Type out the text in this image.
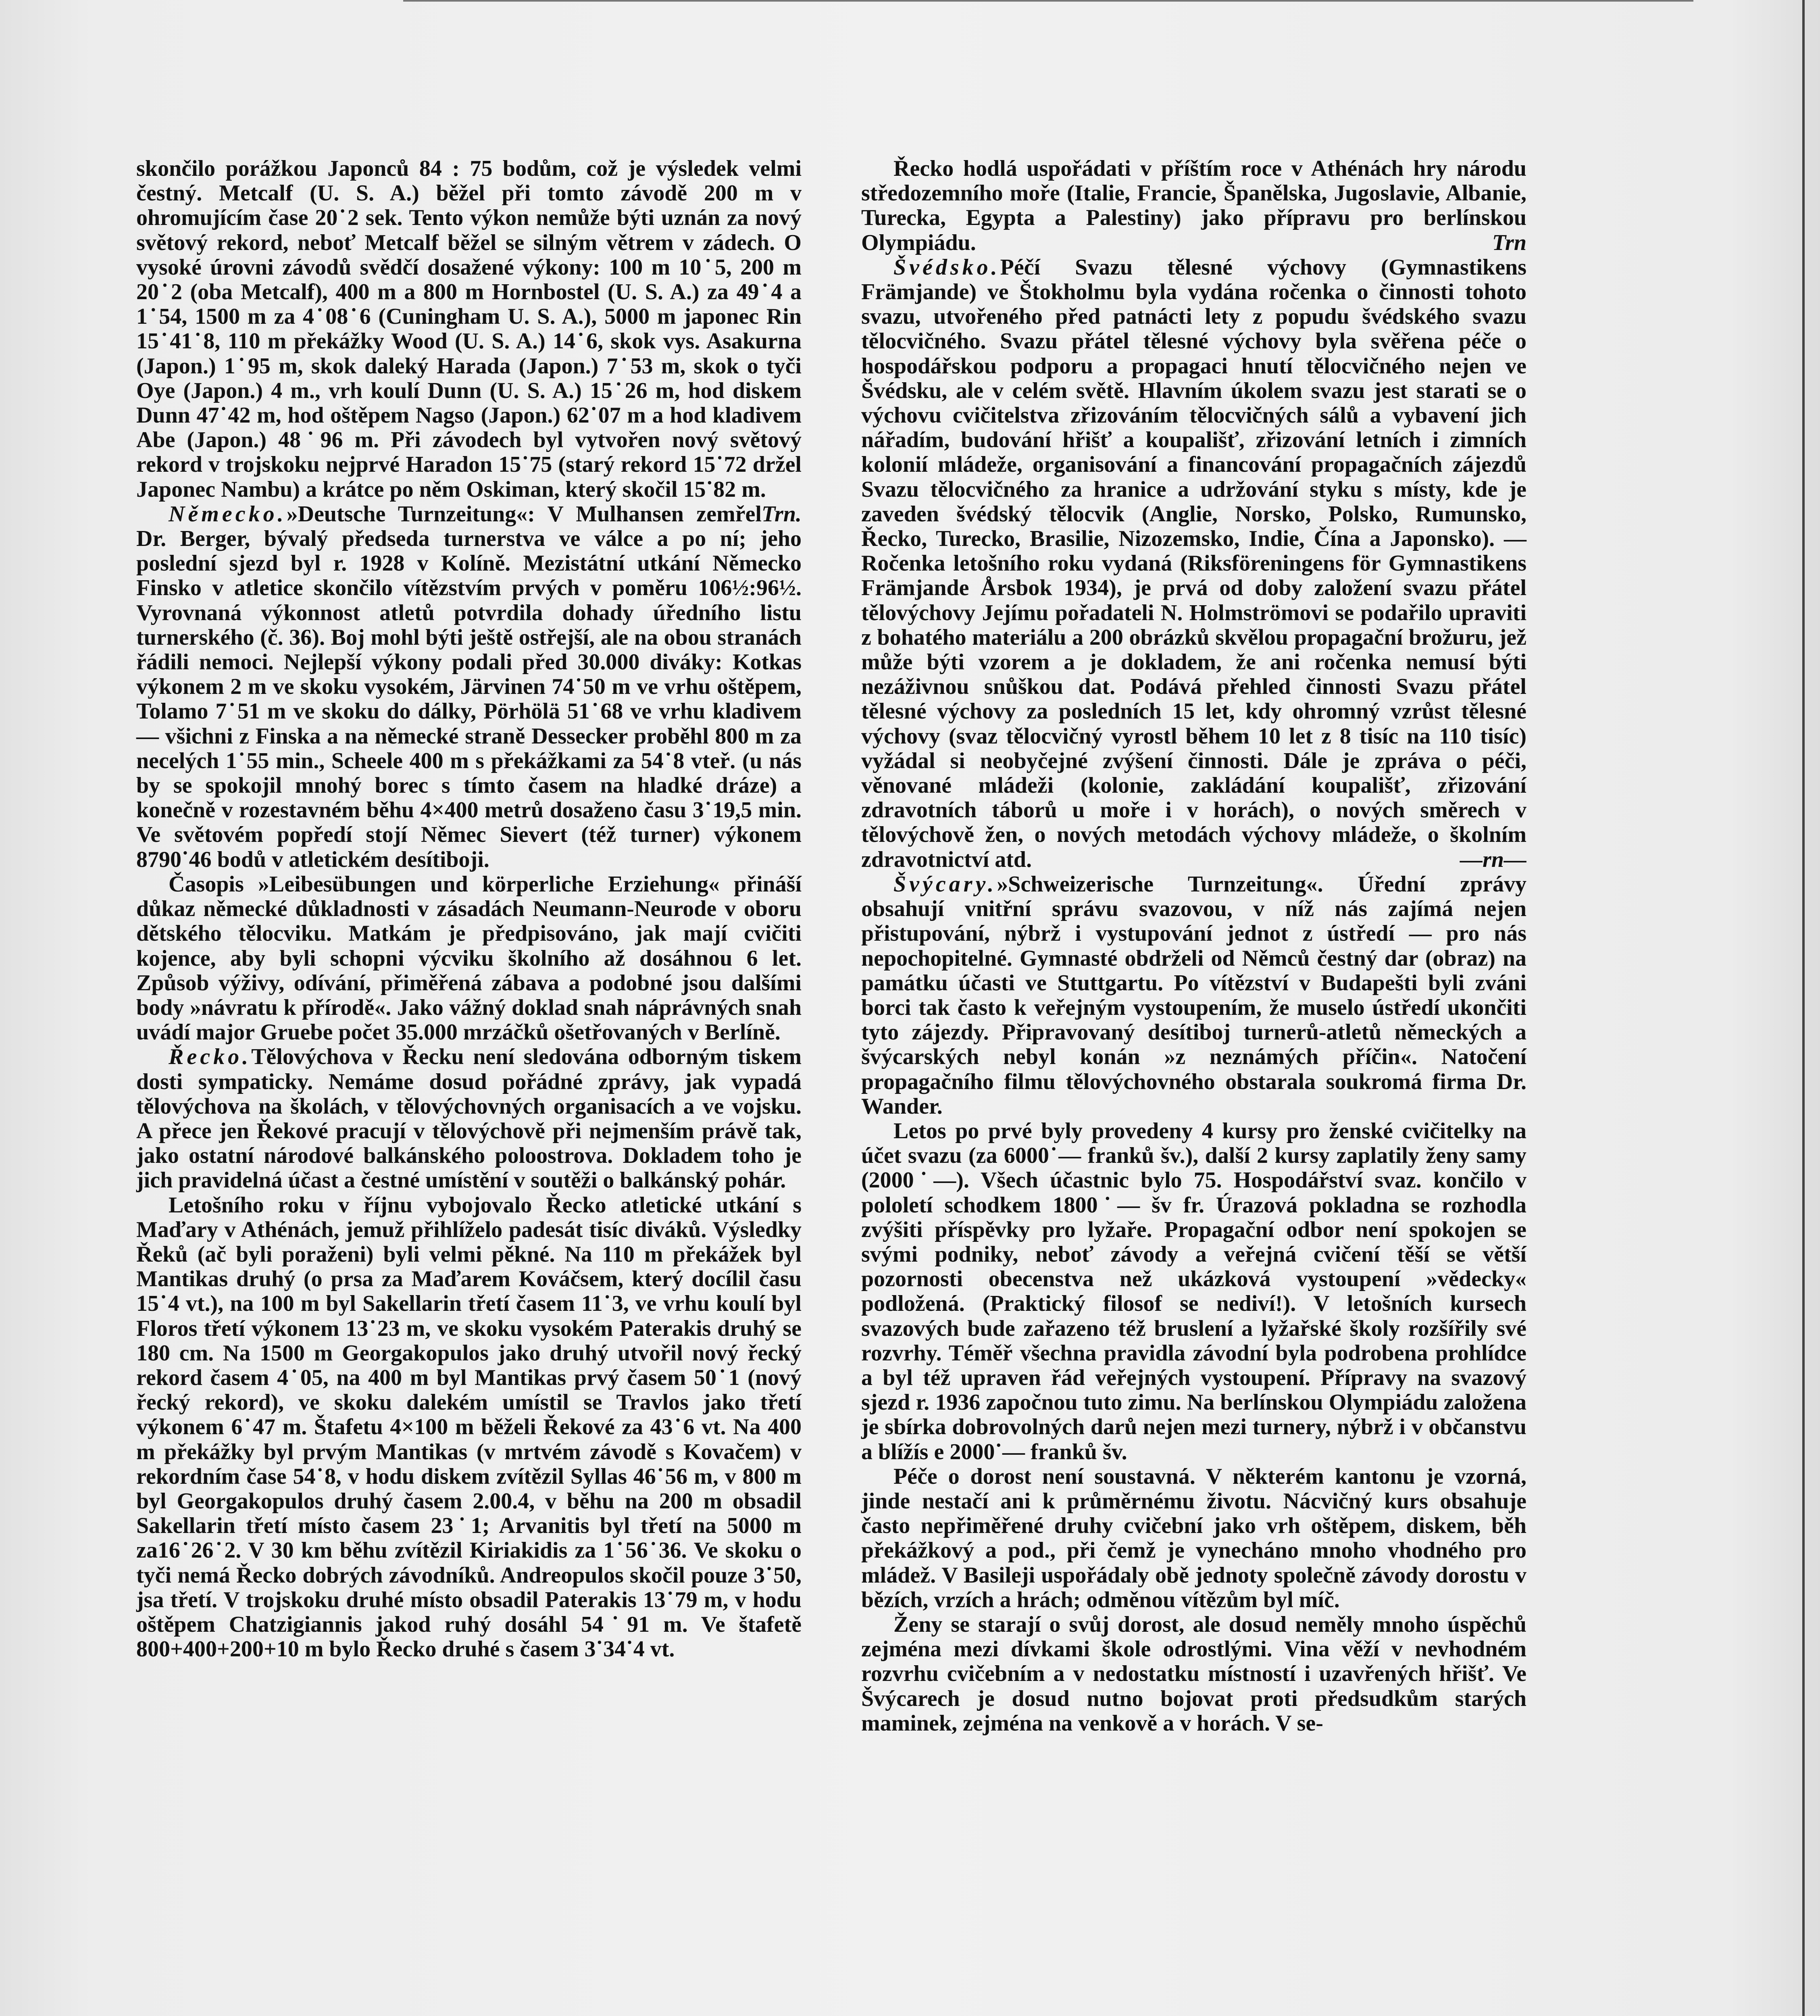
skončilo porážkou Japonců 84 : 75 bodům, což je výsledek velmi čestný. Metcalf (U. S. A.) běžel při tomto závodě 200 m v ohromujícím čase 20˙2 sek. Tento výkon nemůže býti uznán za nový světový rekord, neboť Metcalf běžel se silným větrem v zádech. O vysoké úrovni závodů svědčí dosažené výkony: 100 m 10˙5, 200 m 20˙2 (oba Metcalf), 400 m a 800 m Hornbostel (U. S. A.) za 49˙4 a 1˙54, 1500 m za 4˙08˙6 (Cuningham U. S. A.), 5000 m japonec Rin 15˙41˙8, 110 m překážky Wood (U. S. A.) 14˙6, skok vys. Asakurna (Japon.) 1˙95 m, skok daleký Harada (Japon.) 7˙53 m, skok o tyči Oye (Japon.) 4 m., vrh koulí Dunn (U. S. A.) 15˙26 m, hod diskem Dunn 47˙42 m, hod oštěpem Nagso (Japon.) 62˙07 m a hod kladivem Abe (Japon.) 48˙96 m. Při závodech byl vytvořen nový světový rekord v trojskoku nejprvé Haradon 15˙75 (starý rekord 15˙72 držel Japonec Nambu) a krátce po něm Oskiman, který skočil 15˙82 m.
Trn.

Německo.»Deutsche Turnzeitung«: V Mulhansen zemřel Dr. Berger, bývalý předseda turnerstva ve válce a po ní; jeho poslední sjezd byl r. 1928 v Kolíně. Mezistátní utkání Německo Finsko v atletice skončilo vítězstvím prvých v poměru 106½:96½. Vyrovnaná výkonnost atletů potvrdila dohady úředního listu turnerského (č. 36). Boj mohl býti ještě ostřejší, ale na obou stranách řádili nemoci. Nejlepší výkony podali před 30.000 diváky: Kotkas výkonem 2 m ve skoku vysokém, Järvinen 74˙50 m ve vrhu oštěpem, Tolamo 7˙51 m ve skoku do dálky, Pörhölä 51˙68 ve vrhu kladivem — všichni z Finska a na německé straně Dessecker proběhl 800 m za necelých 1˙55 min., Scheele 400 m s překážkami za 54˙8 vteř. (u nás by se spokojil mnohý borec s tímto časem na hladké dráze) a konečně v rozestavném běhu 4×400 metrů dosaženo času 3˙19,5 min. Ve světovém popředí stojí Němec Sievert (též turner) výkonem 8790˙46 bodů v atletickém desítiboji.

Časopis »Leibesübungen und körperliche Erziehung« přináší důkaz německé důkladnosti v zásadách Neumann-Neurode v oboru dětského tělocviku. Matkám je předpisováno, jak mají cvičiti kojence, aby byli schopni výcviku školního až dosáhnou 6 let. Způsob výživy, odívání, přiměřená zábava a podobné jsou dalšími body »návratu k přírodě«. Jako vážný doklad snah náprávných snah uvádí major Gruebe počet 35.000 mrzáčků ošetřovaných v Berlíně.

Řecko.Tělovýchova v Řecku není sledována odborným tiskem dosti sympaticky. Nemáme dosud pořádné zprávy, jak vypadá tělovýchova na školách, v tělovýchovných organisacích a ve vojsku. A přece jen Řekové pracují v tělovýchově při nejmenším právě tak, jako ostatní národové balkánského poloostrova. Dokladem toho je jich pravidelná účast a čestné umístění v soutěži o balkánský pohár.

Letošního roku v říjnu vybojovalo Řecko atletické utkání s Maďary v Athénách, jemuž přihlíželo padesát tisíc diváků. Výsledky Řeků (ač byli poraženi) byli velmi pěkné. Na 110 m překážek byl Mantikas druhý (o prsa za Maďarem Kováčsem, který docílil času 15˙4 vt.), na 100 m byl Sakellarin třetí časem 11˙3, ve vrhu koulí byl Floros třetí výkonem 13˙23 m, ve skoku vysokém Paterakis druhý se 180 cm. Na 1500 m Georgakopulos jako druhý utvořil nový řecký rekord časem 4˙05, na 400 m byl Mantikas prvý časem 50˙1 (nový řecký rekord), ve skoku dalekém umístil se Travlos jako třetí výkonem 6˙47 m. Štafetu 4×100 m běželi Řekové za 43˙6 vt. Na 400 m překážky byl prvým Mantikas (v mrtvém závodě s Kovačem) v rekordním čase 54˙8, v hodu diskem zvítězil Syllas 46˙56 m, v 800 m byl Georgakopulos druhý časem 2.00.4, v běhu na 200 m obsadil Sakellarin třetí místo časem 23˙1; Arvanitis byl třetí na 5000 m za16˙26˙2. V 30 km běhu zvítězil Kiriakidis za 1˙56˙36. Ve skoku o tyči nemá Řecko dobrých závodníků. Andreopulos skočil pouze 3˙50, jsa třetí. V trojskoku druhé místo obsadil Paterakis 13˙79 m, v hodu oštěpem Chatzigiannis jakod ruhý dosáhl 54˙91 m. Ve štafetě 800+400+200+10 m bylo Řecko druhé s časem 3˙34˙4 vt.

Řecko hodlá uspořádati v příštím roce v Athénách hry národu středozemního moře (Italie, Francie, Španělska, Jugoslavie, Albanie, Turecka, Egypta a Palestiny) jako přípravu pro berlínskou Olympiádu.	Trn

Švédsko.Péčí Svazu tělesné výchovy (Gymnastikens Främjande) ve Štokholmu byla vydána ročenka o činnosti tohoto svazu, utvořeného před patnácti lety z popudu švédského svazu tělocvičného. Svazu přátel tělesné výchovy byla svěřena péče o hospodářskou podporu a propagaci hnutí tělocvičného nejen ve Švédsku, ale v celém světě. Hlavním úkolem svazu jest starati se o výchovu cvičitelstva zřizováním tělocvičných sálů a vybavení jich nářadím, budování hřišť a koupališť, zřizování letních i zimních kolonií mládeže, organisování a financování propagačních zájezdů Svazu tělocvičného za hranice a udržování styku s místy, kde je zaveden švédský tělocvik (Anglie, Norsko, Polsko, Rumunsko, Řecko, Turecko, Brasilie, Nizozemsko, Indie, Čína a Japonsko). — Ročenka letošního roku vydaná (Riksföreningens för Gymnastikens Främjande Årsbok 1934), je prvá od doby založení svazu přátel tělovýchovy Jejímu pořadateli N. Holmströmovi se podařilo upraviti z bohatého materiálu a 200 obrázků skvělou propagační brožuru, jež může býti vzorem a je dokladem, že ani ročenka nemusí býti nezáživnou snůškou dat. Podává přehled činnosti Svazu přátel tělesné výchovy za posledních 15 let, kdy ohromný vzrůst tělesné výchovy (svaz tělocvičný vyrostl během 10 let z 8 tisíc na 110 tisíc) vyžádal si neobyčejné zvýšení činnosti. Dále je zpráva o péči, věnované mládeži (kolonie, zakládání koupališť, zřizování zdravotních táborů u moře i v horách), o nových směrech v tělovýchově žen, o nových metodách výchovy mládeže, o školním zdravotnictví atd.	—rn—

Švýcary.»Schweizerische Turnzeitung«. Úřední zprávy obsahují vnitřní správu svazovou, v níž nás zajímá nejen přistupování, nýbrž i vystupování jednot z ústředí — pro nás nepochopitelné. Gymnasté obdrželi od Němců čestný dar (obraz) na památku účasti ve Stuttgartu. Po vítězství v Budapešti byli zváni borci tak často k veřejným vystoupením, že muselo ústředí ukončiti tyto zájezdy. Připravovaný desítiboj turnerů-atletů německých a švýcarských nebyl konán »z neznámých příčin«. Natočení propagačního filmu tělovýchovného obstarala soukromá firma Dr. Wander.

Letos po prvé byly provedeny 4 kursy pro ženské cvičitelky na účet svazu (za 6000˙— franků šv.), další 2 kursy zaplatily ženy samy (2000˙—). Všech účastnic bylo 75. Hospodářství svaz. končilo v pololetí schodkem 1800˙— šv fr. Úrazová pokladna se rozhodla zvýšiti příspěvky pro lyžaře. Propagační odbor není spokojen se svými podniky, neboť závody a veřejná cvičení těší se větší pozornosti obecenstva než ukázková vystoupení »vědecky« podložená. (Praktický filosof se nediví!). V letošních kursech svazových bude zařazeno též bruslení a lyžařské školy rozšířily své rozvrhy. Téměř všechna pravidla závodní byla podrobena prohlídce a byl též upraven řád veřejných vystoupení. Přípravy na svazový sjezd r. 1936 započnou tuto zimu. Na berlínskou Olympiádu založena je sbírka dobrovolných darů nejen mezi turnery, nýbrž i v občanstvu a blížís e 2000˙— franků šv.

Péče o dorost není soustavná. V některém kantonu je vzorná, jinde nestačí ani k průměrnému životu. Nácvičný kurs obsahuje často nepřiměřené druhy cvičební jako vrh oštěpem, diskem, běh překážkový a pod., při čemž je vynecháno mnoho vhodného pro mládež. V Basileji uspořádaly obě jednoty společně závody dorostu v bězích, vrzích a hrách; odměnou vítězům byl míč.

Ženy se starají o svůj dorost, ale dosud neměly mnoho úspěchů zejména mezi dívkami škole odrostlými. Vina věží v nevhodném rozvrhu cvičebním a v nedostatku místností i uzavřených hřišť. Ve Švýcarech je dosud nutno bojovat proti předsudkům starých maminek, zejména na venkově a v horách. V se-
